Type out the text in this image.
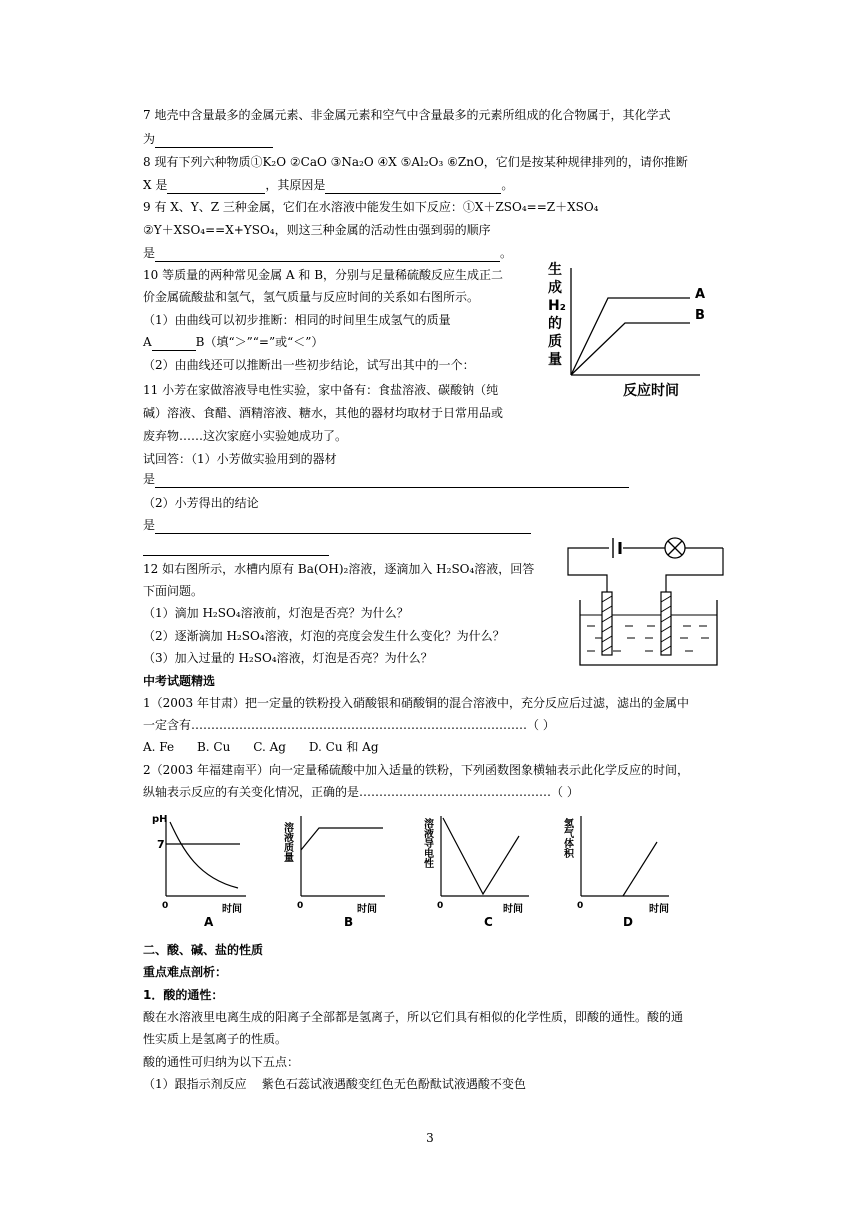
7 地壳中含量最多的金属元素、非金属元素和空气中含量最多的元素所组成的化合物属于，其化学式
为
8 现有下列六种物质①K₂O ②CaO ③Na₂O ④X ⑤Al₂O₃ ⑥ZnO，它们是按某种规律排列的，请你推断
X 是	，其原因是	。
9 有 X、Y、Z 三种金属，它们在水溶液中能发生如下反应：①X＋ZSO₄==Z＋XSO₄
②Y＋XSO₄==X+YSO₄，则这三种金属的活动性由强到弱的顺序
是	。
10 等质量的两种常见金属 A 和 B，分别与足量稀硫酸反应生成正二
价金属硫酸盐和氢气，氢气质量与反应时间的关系如右图所示。
（1）由曲线可以初步推断：相同的时间里生成氢气的质量
A	B（填“＞”“=”或“＜”）
（2）由曲线还可以推断出一些初步结论，试写出其中的一个：
生成 H₂ 的质量
A
B
反应时间
11 小芳在家做溶液导电性实验，家中备有：食盐溶液、碳酸钠（纯
碱）溶液、食醋、酒精溶液、糖水，其他的器材均取材于日常用品或
废弃物……这次家庭小实验她成功了。
试回答：（1）小芳做实验用到的器材
是
（2）小芳得出的结论
是
12 如右图所示，水槽内原有 Ba(OH)₂溶液，逐滴加入 H₂SO₄溶液，回答
下面问题。
（1）滴加 H₂SO₄溶液前，灯泡是否亮？为什么？
（2）逐渐滴加 H₂SO₄溶液，灯泡的亮度会发生什么变化？为什么？
（3）加入过量的 H₂SO₄溶液，灯泡是否亮？为什么？
中考试题精选
1（2003 年甘肃）把一定量的铁粉投入硝酸银和硝酸铜的混合溶液中，充分反应后过滤，滤出的金属中
一定含有…………………………………………………………………………（ ）
A. Fe      B. Cu      C. Ag      D. Cu 和 Ag
2（2003 年福建南平）向一定量稀硫酸中加入适量的铁粉，下列函数图象横轴表示此化学反应的时间，
纵轴表示反应的有关变化情况，正确的是…………………………………………（ ）
pH
7
0	时间
A
溶液质量
0	时间
B
溶液导电性
0	时间
C
氢气体积
0	时间
D
二、酸、碱、盐的性质
重点难点剖析：
1．酸的通性：
酸在水溶液里电离生成的阳离子全部都是氢离子，所以它们具有相似的化学性质，即酸的通性。酸的通
性实质上是氢离子的性质。
酸的通性可归纳为以下五点：
（1）跟指示剂反应    紫色石蕊试液遇酸变红色无色酚酞试液遇酸不变色
3
